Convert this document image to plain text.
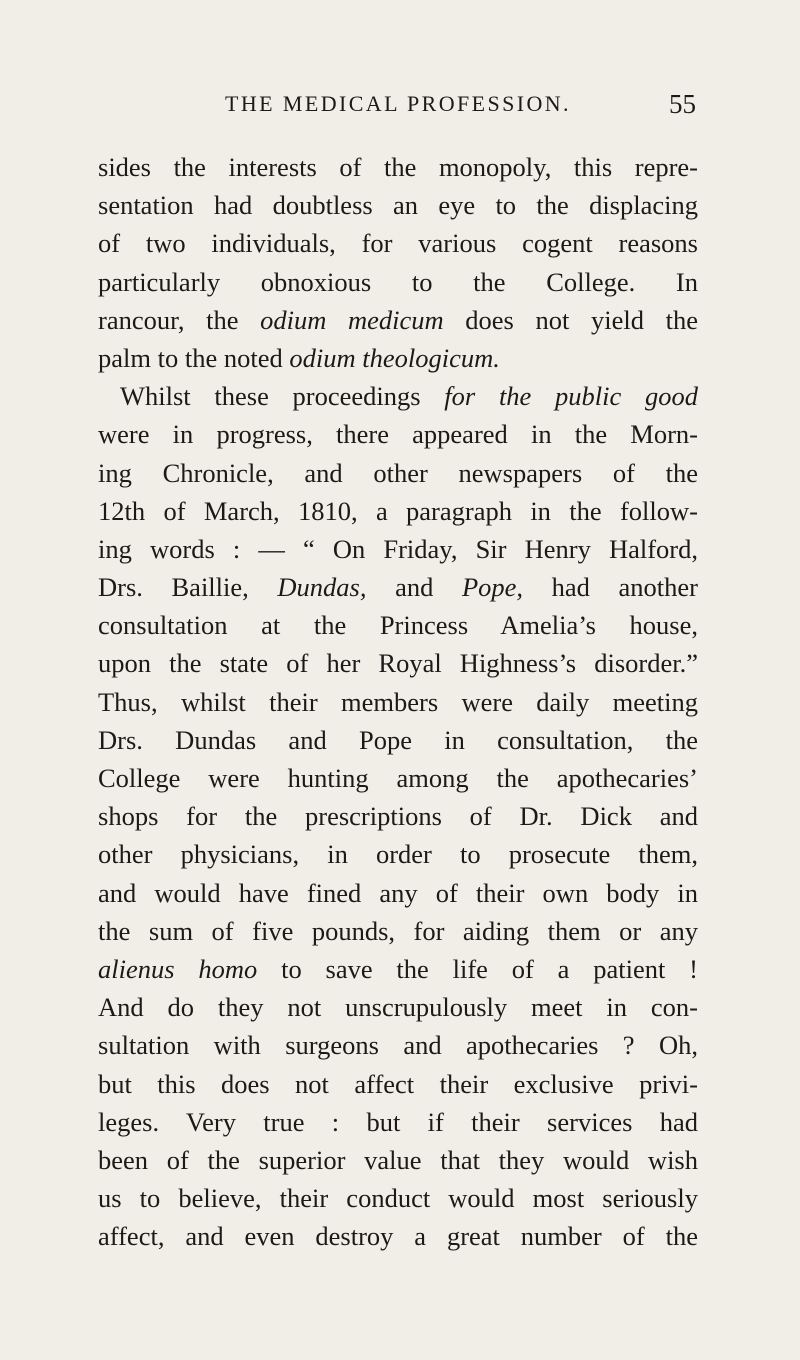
THE MEDICAL PROFESSION.	55
sides the interests of the monopoly, this repre-
sentation had doubtless an eye to the displacing
of two individuals, for various cogent reasons
particularly obnoxious to the College. In
rancour, the odium medicum does not yield the
palm to the noted odium theologicum.
Whilst these proceedings for the public good
were in progress, there appeared in the Morn-
ing Chronicle, and other newspapers of the
12th of March, 1810, a paragraph in the follow-
ing words : — “ On Friday, Sir Henry Halford,
Drs. Baillie, Dundas, and Pope, had another
consultation at the Princess Amelia’s house,
upon the state of her Royal Highness’s disorder.”
Thus, whilst their members were daily meeting
Drs. Dundas and Pope in consultation, the
College were hunting among the apothecaries’
shops for the prescriptions of Dr. Dick and
other physicians, in order to prosecute them,
and would have fined any of their own body in
the sum of five pounds, for aiding them or any
alienus homo to save the life of a patient !
And do they not unscrupulously meet in con-
sultation with surgeons and apothecaries ? Oh,
but this does not affect their exclusive privi-
leges. Very true : but if their services had
been of the superior value that they would wish
us to believe, their conduct would most seriously
affect, and even destroy a great number of the
